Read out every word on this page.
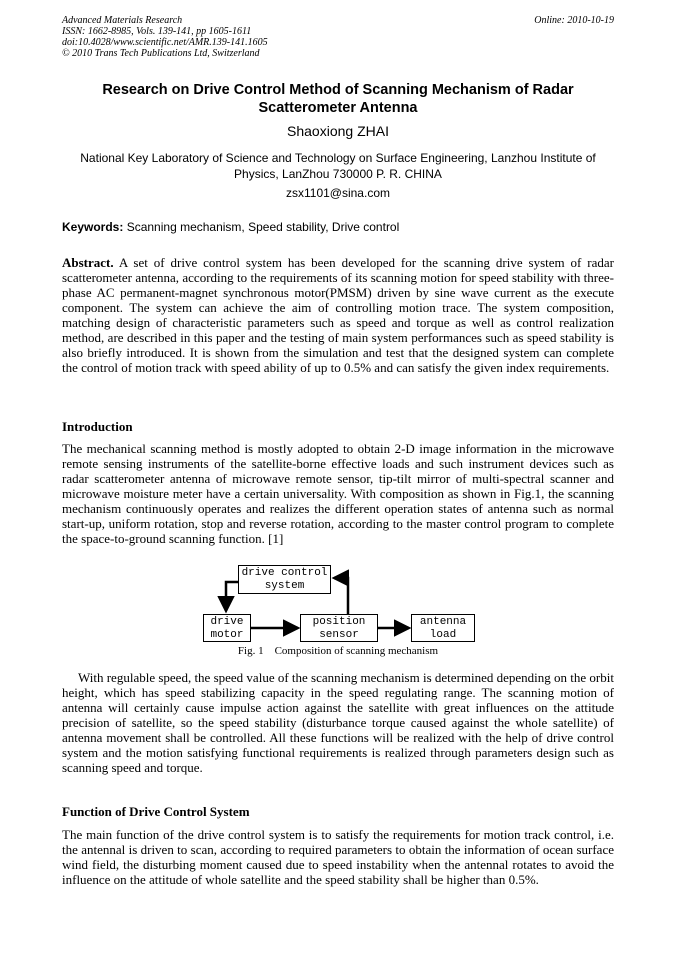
Advanced Materials Research
ISSN: 1662-8985, Vols. 139-141, pp 1605-1611
doi:10.4028/www.scientific.net/AMR.139-141.1605
© 2010 Trans Tech Publications Ltd, Switzerland
Online: 2010-10-19
Research on Drive Control Method of Scanning Mechanism of Radar Scatterometer Antenna
Shaoxiong ZHAI
National Key Laboratory of Science and Technology on Surface Engineering, Lanzhou Institute of Physics, LanZhou 730000 P. R. CHINA
zsx1101@sina.com
Keywords: Scanning mechanism, Speed stability, Drive control
Abstract. A set of drive control system has been developed for the scanning drive system of radar scatterometer antenna, according to the requirements of its scanning motion for speed stability with three-phase AC permanent-magnet synchronous motor(PMSM) driven by sine wave current as the execute component. The system can achieve the aim of controlling motion trace. The system composition, matching design of characteristic parameters such as speed and torque as well as control realization method, are described in this paper and the testing of main system performances such as speed stability is also briefly introduced. It is shown from the simulation and test that the designed system can complete the control of motion track with speed ability of up to 0.5% and can satisfy the given index requirements.
Introduction
The mechanical scanning method is mostly adopted to obtain 2-D image information in the microwave remote sensing instruments of the satellite-borne effective loads and such instrument devices such as radar scatterometer antenna of microwave remote sensor, tip-tilt mirror of multi-spectral scanner and microwave moisture meter have a certain universality. With composition as shown in Fig.1, the scanning mechanism continuously operates and realizes the different operation states of antenna such as normal start-up, uniform rotation, stop and reverse rotation, according to the master control program to complete the space-to-ground scanning function. [1]
drive control system
drive motor
position sensor
antenna load
Fig. 1    Composition of scanning mechanism
With regulable speed, the speed value of the scanning mechanism is determined depending on the orbit height, which has speed stabilizing capacity in the speed regulating range. The scanning motion of antenna will certainly cause impulse action against the satellite with great influences on the attitude precision of satellite, so the speed stability (disturbance torque caused against the whole satellite) of antenna movement shall be controlled. All these functions will be realized with the help of drive control system and the motion satisfying functional requirements is realized through parameters design such as scanning speed and torque.
Function of Drive Control System
The main function of the drive control system is to satisfy the requirements for motion track control, i.e. the antennal is driven to scan, according to required parameters to obtain the information of ocean surface wind field, the disturbing moment caused due to speed instability when the antennal rotates to avoid the influence on the attitude of whole satellite and the speed stability shall be higher than 0.5%.
